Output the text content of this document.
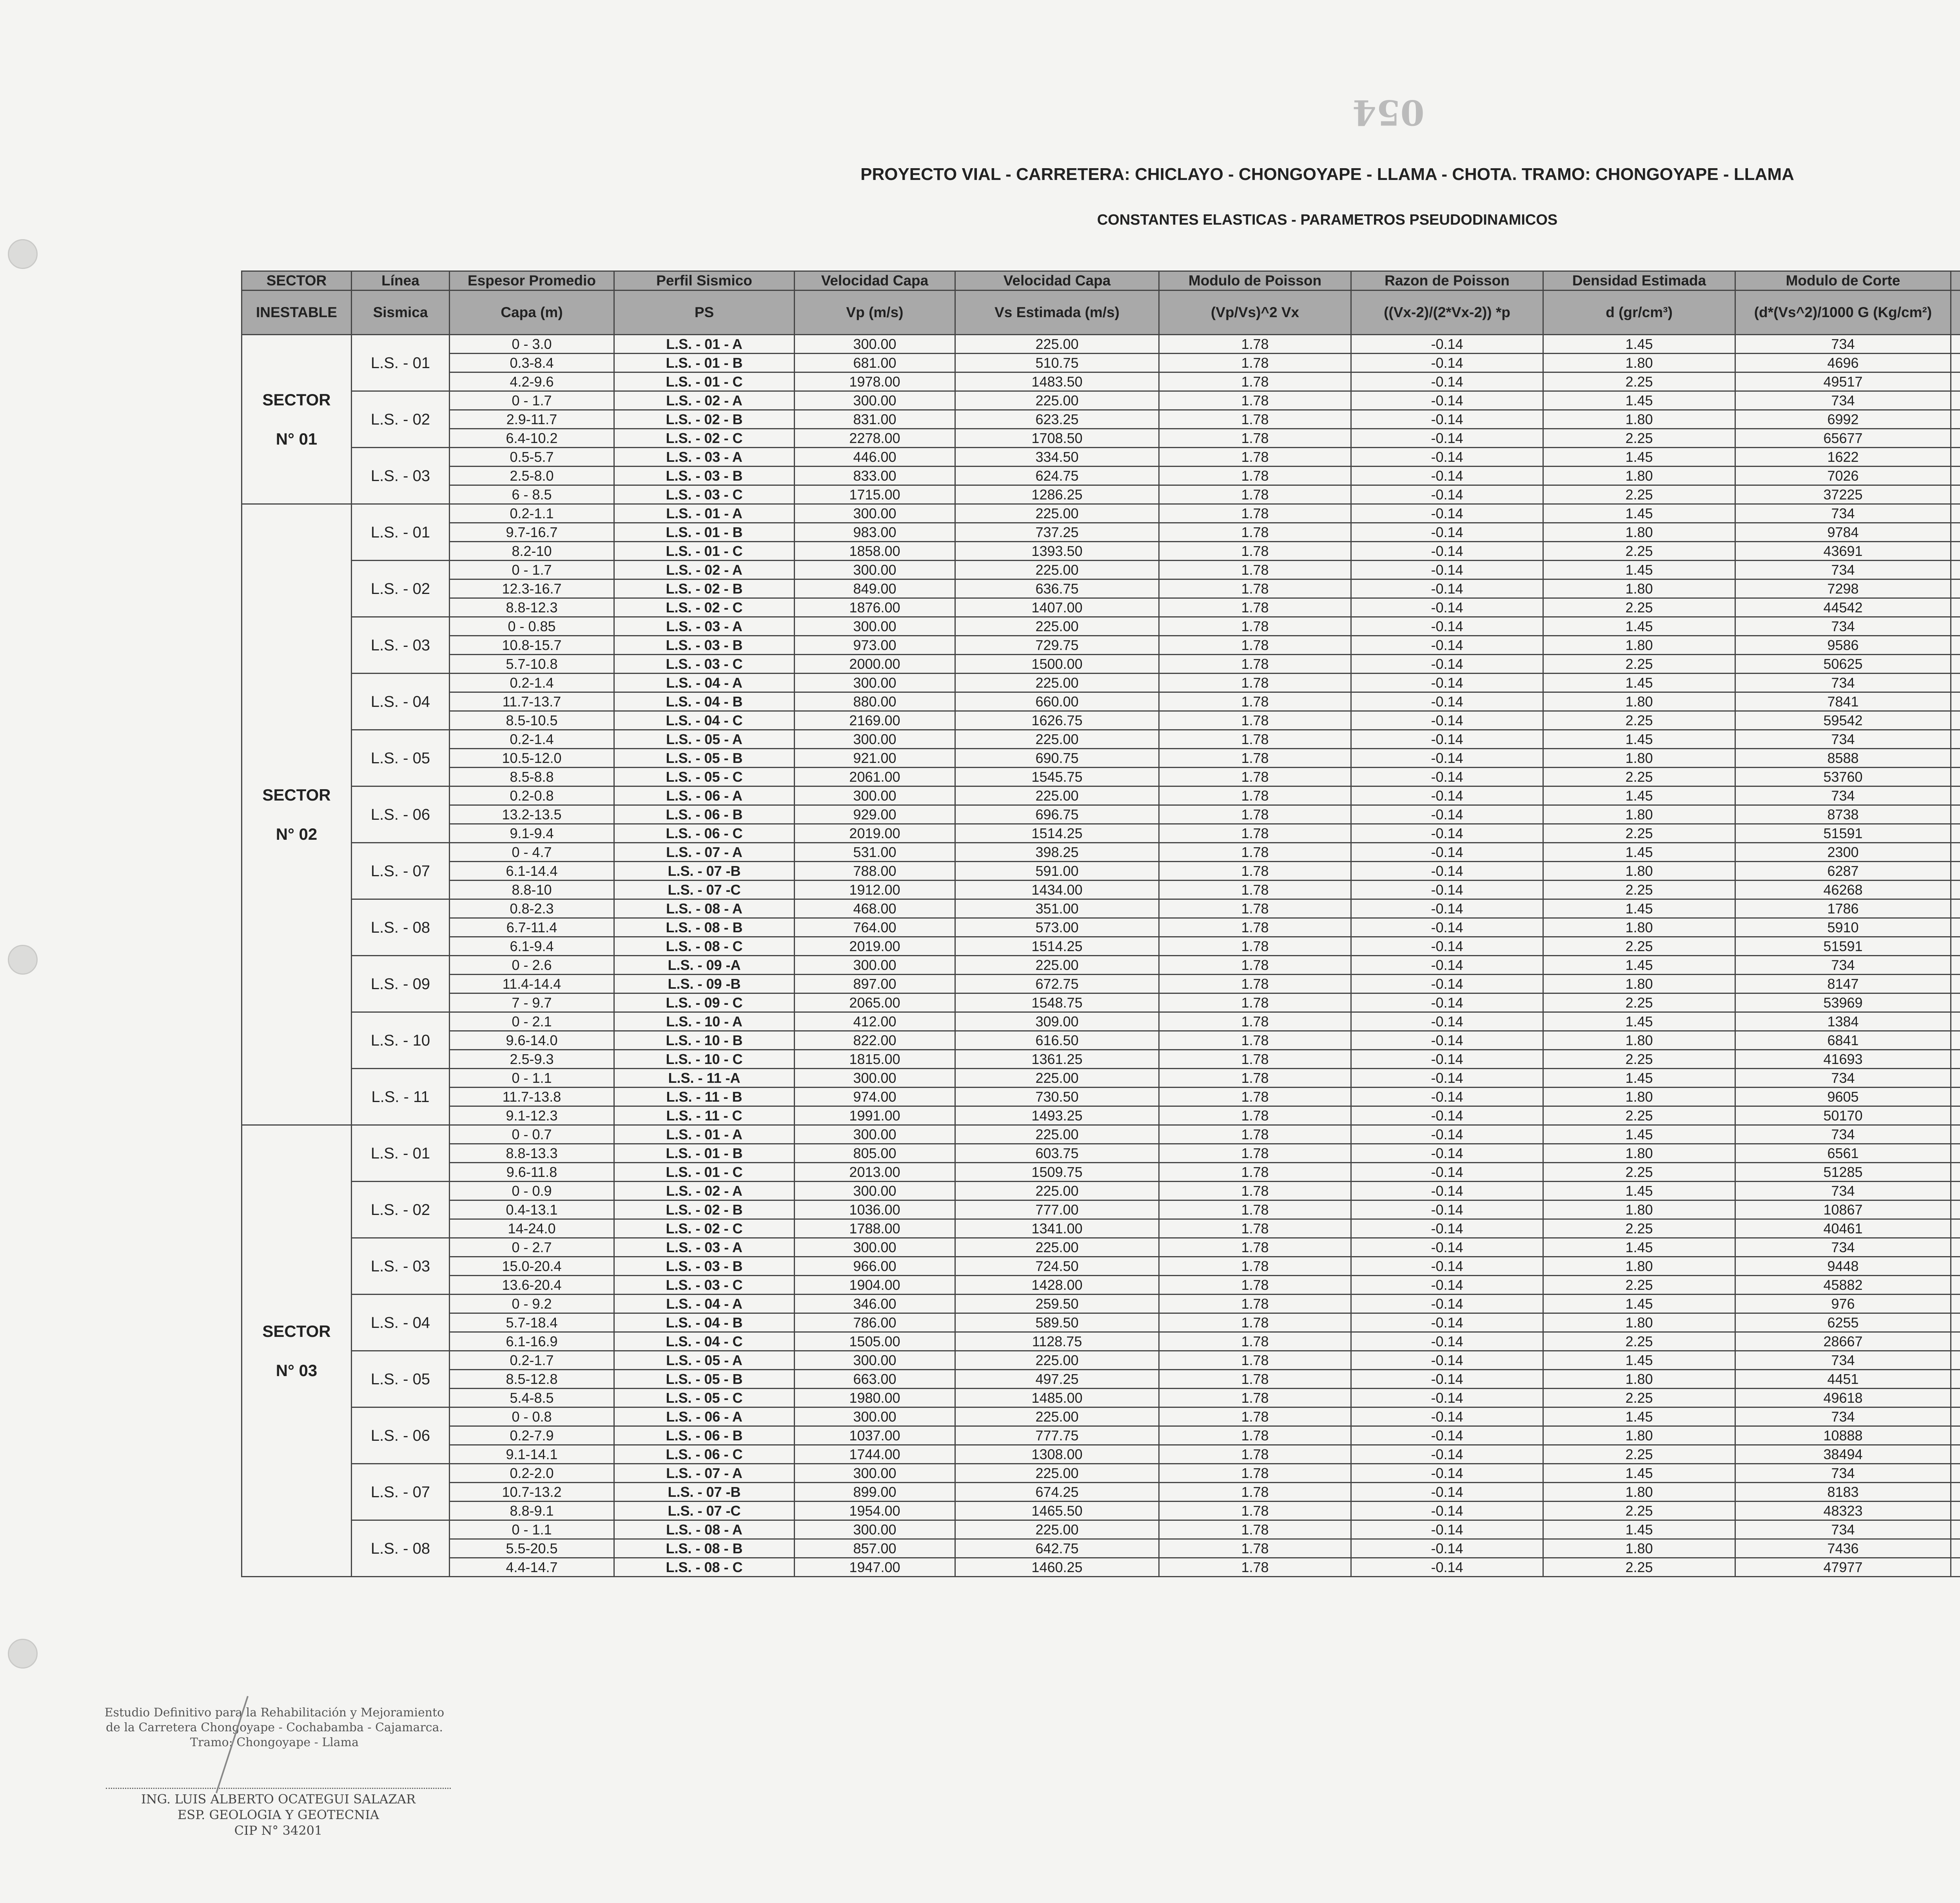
054
PROYECTO VIAL - CARRETERA: CHICLAYO - CHONGOYAPE - LLAMA - CHOTA. TRAMO: CHONGOYAPE - LLAMA
CONSTANTES ELASTICAS - PARAMETROS PSEUDODINAMICOS
SECTOR	Línea	Espesor Promedio	Perfil Sismico	Velocidad Capa	Velocidad Capa	Modulo de Poisson	Razon de Poisson	Densidad Estimada	Modulo de Corte		
INESTABLE	Sismica	Capa (m)	PS	Vp (m/s)	Vs Estimada (m/s)	(Vp/Vs)^2 Vx	((Vx-2)/(2*Vx-2)) *p	d (gr/cm³)	(d*(Vs^2)/1000 G (Kg/cm²)		
SECTOR
N° 01	L.S. - 01	0 - 3.0	L.S. - 01 - A	300.00	225.00	1.78	-0.14	1.45	734		
		0.3-8.4	L.S. - 01 - B	681.00	510.75	1.78	-0.14	1.80	4696		
		4.2-9.6	L.S. - 01 - C	1978.00	1483.50	1.78	-0.14	2.25	49517		
	L.S. - 02	0 - 1.7	L.S. - 02 - A	300.00	225.00	1.78	-0.14	1.45	734		
		2.9-11.7	L.S. - 02 - B	831.00	623.25	1.78	-0.14	1.80	6992		
		6.4-10.2	L.S. - 02 - C	2278.00	1708.50	1.78	-0.14	2.25	65677		
	L.S. - 03	0.5-5.7	L.S. - 03 - A	446.00	334.50	1.78	-0.14	1.45	1622		
		2.5-8.0	L.S. - 03 - B	833.00	624.75	1.78	-0.14	1.80	7026		
		6 - 8.5	L.S. - 03 - C	1715.00	1286.25	1.78	-0.14	2.25	37225		
SECTOR
N° 02	L.S. - 01	0.2-1.1	L.S. - 01 - A	300.00	225.00	1.78	-0.14	1.45	734		
		9.7-16.7	L.S. - 01 - B	983.00	737.25	1.78	-0.14	1.80	9784		
		8.2-10	L.S. - 01 - C	1858.00	1393.50	1.78	-0.14	2.25	43691		
	L.S. - 02	0 - 1.7	L.S. - 02 - A	300.00	225.00	1.78	-0.14	1.45	734		
		12.3-16.7	L.S. - 02 - B	849.00	636.75	1.78	-0.14	1.80	7298		
		8.8-12.3	L.S. - 02 - C	1876.00	1407.00	1.78	-0.14	2.25	44542		
	L.S. - 03	0 - 0.85	L.S. - 03 - A	300.00	225.00	1.78	-0.14	1.45	734		
		10.8-15.7	L.S. - 03 - B	973.00	729.75	1.78	-0.14	1.80	9586		
		5.7-10.8	L.S. - 03 - C	2000.00	1500.00	1.78	-0.14	2.25	50625		
	L.S. - 04	0.2-1.4	L.S. - 04 - A	300.00	225.00	1.78	-0.14	1.45	734		
		11.7-13.7	L.S. - 04 - B	880.00	660.00	1.78	-0.14	1.80	7841		
		8.5-10.5	L.S. - 04 - C	2169.00	1626.75	1.78	-0.14	2.25	59542		
	L.S. - 05	0.2-1.4	L.S. - 05 - A	300.00	225.00	1.78	-0.14	1.45	734		
		10.5-12.0	L.S. - 05 - B	921.00	690.75	1.78	-0.14	1.80	8588		
		8.5-8.8	L.S. - 05 - C	2061.00	1545.75	1.78	-0.14	2.25	53760		
	L.S. - 06	0.2-0.8	L.S. - 06 - A	300.00	225.00	1.78	-0.14	1.45	734		
		13.2-13.5	L.S. - 06 - B	929.00	696.75	1.78	-0.14	1.80	8738		
		9.1-9.4	L.S. - 06 - C	2019.00	1514.25	1.78	-0.14	2.25	51591		
	L.S. - 07	0 - 4.7	L.S. - 07 - A	531.00	398.25	1.78	-0.14	1.45	2300		
		6.1-14.4	L.S. - 07 -B	788.00	591.00	1.78	-0.14	1.80	6287		
		8.8-10	L.S. - 07 -C	1912.00	1434.00	1.78	-0.14	2.25	46268		
	L.S. - 08	0.8-2.3	L.S. - 08 - A	468.00	351.00	1.78	-0.14	1.45	1786		
		6.7-11.4	L.S. - 08 - B	764.00	573.00	1.78	-0.14	1.80	5910		
		6.1-9.4	L.S. - 08 - C	2019.00	1514.25	1.78	-0.14	2.25	51591		
	L.S. - 09	0 - 2.6	L.S. - 09 -A	300.00	225.00	1.78	-0.14	1.45	734		
		11.4-14.4	L.S. - 09 -B	897.00	672.75	1.78	-0.14	1.80	8147		
		7 - 9.7	L.S. - 09 - C	2065.00	1548.75	1.78	-0.14	2.25	53969		
	L.S. - 10	0 - 2.1	L.S. - 10 - A	412.00	309.00	1.78	-0.14	1.45	1384		
		9.6-14.0	L.S. - 10 - B	822.00	616.50	1.78	-0.14	1.80	6841		
		2.5-9.3	L.S. - 10 - C	1815.00	1361.25	1.78	-0.14	2.25	41693		
	L.S. - 11	0 - 1.1	L.S. - 11 -A	300.00	225.00	1.78	-0.14	1.45	734		
		11.7-13.8	L.S. - 11 - B	974.00	730.50	1.78	-0.14	1.80	9605		
		9.1-12.3	L.S. - 11 - C	1991.00	1493.25	1.78	-0.14	2.25	50170		
SECTOR
N° 03	L.S. - 01	0 - 0.7	L.S. - 01 - A	300.00	225.00	1.78	-0.14	1.45	734		
		8.8-13.3	L.S. - 01 - B	805.00	603.75	1.78	-0.14	1.80	6561		
		9.6-11.8	L.S. - 01 - C	2013.00	1509.75	1.78	-0.14	2.25	51285		
	L.S. - 02	0 - 0.9	L.S. - 02 - A	300.00	225.00	1.78	-0.14	1.45	734		
		0.4-13.1	L.S. - 02 - B	1036.00	777.00	1.78	-0.14	1.80	10867		
		14-24.0	L.S. - 02 - C	1788.00	1341.00	1.78	-0.14	2.25	40461		
	L.S. - 03	0 - 2.7	L.S. - 03 - A	300.00	225.00	1.78	-0.14	1.45	734		
		15.0-20.4	L.S. - 03 - B	966.00	724.50	1.78	-0.14	1.80	9448		
		13.6-20.4	L.S. - 03 - C	1904.00	1428.00	1.78	-0.14	2.25	45882		
	L.S. - 04	0 - 9.2	L.S. - 04 - A	346.00	259.50	1.78	-0.14	1.45	976		
		5.7-18.4	L.S. - 04 - B	786.00	589.50	1.78	-0.14	1.80	6255		
		6.1-16.9	L.S. - 04 - C	1505.00	1128.75	1.78	-0.14	2.25	28667		
	L.S. - 05	0.2-1.7	L.S. - 05 - A	300.00	225.00	1.78	-0.14	1.45	734		
		8.5-12.8	L.S. - 05 - B	663.00	497.25	1.78	-0.14	1.80	4451		
		5.4-8.5	L.S. - 05 - C	1980.00	1485.00	1.78	-0.14	2.25	49618		
	L.S. - 06	0 - 0.8	L.S. - 06 - A	300.00	225.00	1.78	-0.14	1.45	734		
		0.2-7.9	L.S. - 06 - B	1037.00	777.75	1.78	-0.14	1.80	10888		
		9.1-14.1	L.S. - 06 - C	1744.00	1308.00	1.78	-0.14	2.25	38494		
	L.S. - 07	0.2-2.0	L.S. - 07 - A	300.00	225.00	1.78	-0.14	1.45	734		
		10.7-13.2	L.S. - 07 -B	899.00	674.25	1.78	-0.14	1.80	8183		
		8.8-9.1	L.S. - 07 -C	1954.00	1465.50	1.78	-0.14	2.25	48323		
	L.S. - 08	0 - 1.1	L.S. - 08 - A	300.00	225.00	1.78	-0.14	1.45	734		
		5.5-20.5	L.S. - 08 - B	857.00	642.75	1.78	-0.14	1.80	7436		
		4.4-14.7	L.S. - 08 - C	1947.00	1460.25	1.78	-0.14	2.25	47977		
Estudio Definitivo para la Rehabilitación y Mejoramiento de la Carretera Chongoyape - Cochabamba - Cajamarca. Tramo: Chongoyape - Llama
ING. LUIS ALBERTO OCATEGUI SALAZAR
ESP. GEOLOGIA Y GEOTECNIA
CIP N° 34201
